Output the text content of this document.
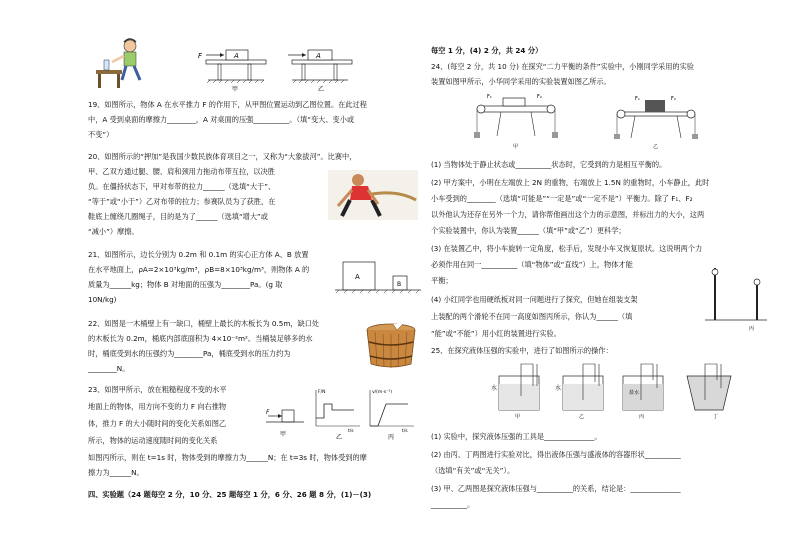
A
F
甲
A
乙
19、如图所示，物体 A 在水平推力 F 的作用下，从甲图位置运动到乙图位置。在此过程
中，A 受到桌面的摩擦力________，A 对桌面的压强__________。（填“变大、变小或
不变”）
20、如图所示的“押加”是我国少数民族体育项目之一，又称为“大象拔河”。比赛中，
甲、乙双方通过腿、腰、肩和颈用力拖动布带互拉，以决胜
负。在僵持状态下，甲对布带的拉力______（选填“大于”、
“等于”或“小于”）乙对布带的拉力；参赛队员为了获胜，在
鞋底上缠绕几圈绳子，目的是为了______（选填“增大”或
“减小”）摩擦。
21、如图所示，边长分别为 0.2m 和 0.1m 的实心正方体 A、B 放置
在水平地面上，ρA=2×10³kg/m³，ρB=8×10³kg/m³，则物体 A 的
质量为______kg；物体 B 对地面的压强为________Pa。(g 取
10N/kg)
A
B
22、如图是一木桶壁上有一缺口，桶壁上最长的木板长为 0.5m，缺口处
的木板长为 0.2m，桶底内部底面积为 4×10⁻²m²。当桶装足够多的水
时，桶底受到水的压强约为________Pa，桶底受到水的压力约为
________N。
23、如图甲所示，放在粗糙程度不变的水平
地面上的物体，用方向不变的力 F 向右推物
体，推力 F 的大小随时间的变化关系如图乙
所示，物体的运动速度随时间的变化关系
如图丙所示，则在 t=1s 时，物体受到的摩擦力为______N；在 t=3s 时，物体受到的摩
擦力为______N。
F
甲
F/N
t/s
乙
v/(m·s⁻¹)
t/s
丙
四、实验题（24 题每空 2 分，10 分、25 题每空 1 分，6 分、26 题 8 分，(1)－(3)
每空 1 分，(4) 2 分，共 24 分）
24、(每空 2 分，共 10 分) 在探究“二力平衡的条件”实验中，小刚同学采用的实验
装置如图甲所示，小华同学采用的实验装置如图乙所示。
F₁	F₂
甲
F₁	F₂
乙
(1) 当物体处于静止状态或__________状态时，它受到的力是相互平衡的。
(2) 甲方案中，小明在左端放上 2N 的重物，右端放上 1.5N 的重物时，小车静止，此时
小车受到的________（选填“可能是”“一定是”或“一定不是”）平衡力。除了 F₁、F₂
以外他认为还存在另外一个力，请你帮他画出这个力的示意图，并标出力的大小，这两
个实验装置中，你认为装置______（填“甲”或“乙”）更科学；
(3) 在装置乙中，将小车旋转一定角度，松手后，发现小车又恢复原状。这说明两个力
必须作用在同一__________（填“物体”或“直线”）上，物体才能
平衡；
(4) 小红同学也用硬纸板对同一问题进行了探究，但她在组装支架
上装配的两个滑轮不在同一高度如图丙所示，你认为______（填
“能”或“不能”）用小红的装置进行实验。	丙
25、在探究液体压强的实验中，进行了如图所示的操作：
水
甲
水
乙
盐水
丙	丁
(1) 实验中，探究液体压强的工具是______________。
(2) 由丙、丁两图进行实验对比，得出液体压强与盛液体的容器形状__________
（选填“有关”或“无关”）。
(3) 甲、乙两图是探究液体压强与__________的关系，结论是：______________
__________。
